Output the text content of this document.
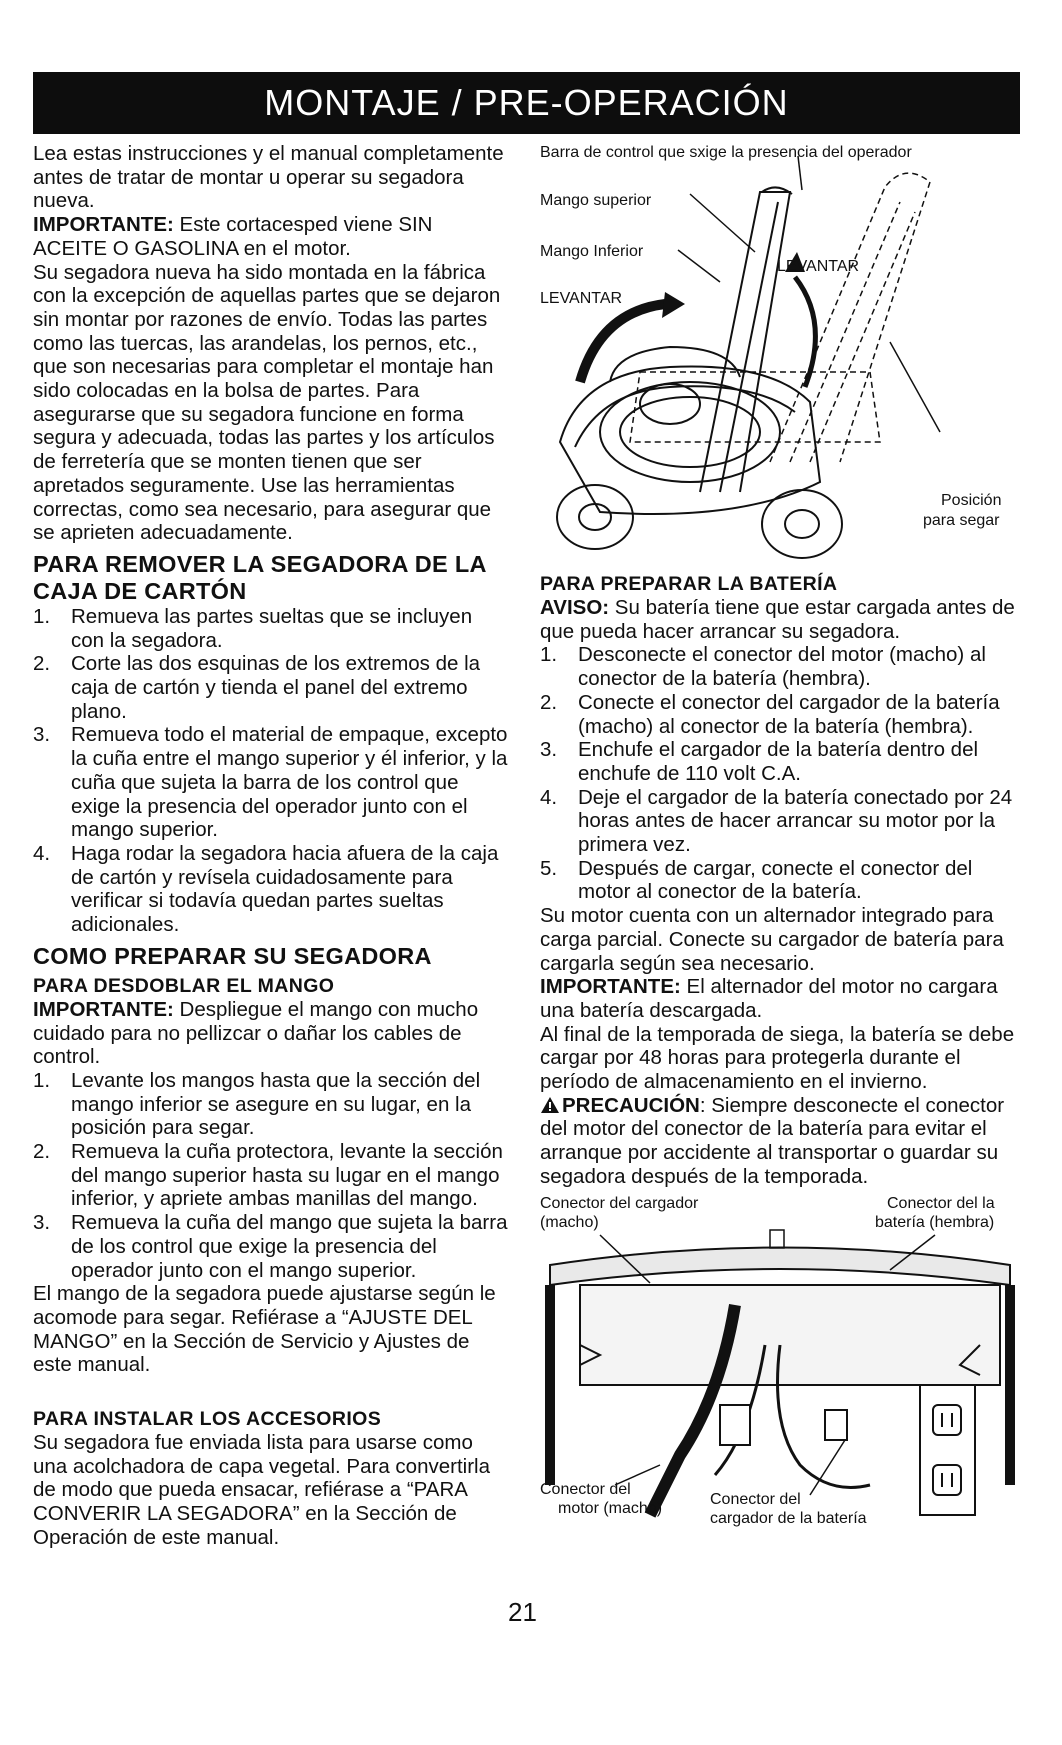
MONTAJE / PRE-OPERACIÓN

Lea estas instrucciones y el manual completamente antes de tratar de montar u operar su segadora nueva.

IMPORTANTE: Este cortacesped viene SIN ACEITE O GASOLINA en el motor.

Su segadora nueva ha sido montada en la fábrica con la excepción de aquellas partes que se dejaron sin montar por razones de envío. Todas las partes como las tuercas, las arandelas, los pernos, etc., que son necesarias para completar el montaje han sido colocadas en la bolsa de partes. Para asegurarse que su segadora funcione en forma segura y adecuada, todas las partes y los artículos de ferretería que se monten tienen que ser apretados seguramente. Use las herramientas correctas, como sea necesario, para asegurar que se aprieten adecuadamente.

PARA REMOVER LA SEGADORA DE LA CAJA DE CARTÓN
1.	Remueva las partes sueltas que se incluyen con la segadora.
2.	Corte las dos esquinas de los extremos de la caja de cartón y tienda el panel del extremo plano.
3.	Remueva todo el material de empaque, excepto la cuña entre el mango superior y él inferior, y la cuña que sujeta la barra de los control que exige la presencia del operador junto con el mango superior.
4.	Haga rodar la segadora hacia afuera de la caja de cartón y revísela cuidadosamente para verificar si todavía quedan partes sueltas adicionales.
COMO PREPARAR SU SEGADORA
PARA DESDOBLAR EL MANGO

IMPORTANTE: Despliegue el mango con mucho cuidado para no pellizcar o dañar los cables de control.

1.	Levante los mangos hasta que la sección del mango inferior se asegure en su lugar, en la posición para segar.
2.	Remueva la cuña protectora, levante la sección del mango superior hasta su lugar en el mango inferior, y apriete ambas manillas del mango.
3.	Remueva la cuña del mango que sujeta la barra de los control que exige la presencia del operador junto con el mango superior.

El mango de la segadora puede ajustarse según le acomode para segar. Refiérase a “AJUSTE DEL MANGO” en la Sección de Servicio y Ajustes de este manual.

PARA INSTALAR LOS ACCESORIOS

Su segadora fue enviada lista para usarse como una acolchadora de capa vegetal. Para convertirla de modo que pueda ensacar, refiérase a “PARA CONVERIR LA SEGADORA” en la Sección de Operación de este manual.

Barra de control que sxige la presencia del operador
Mango superior
Mango Inferior
LEVANTAR
LEVANTAR
Posición
para segar
PARA PREPARAR LA BATERÍA

AVISO: Su batería tiene que estar cargada antes de que pueda hacer arrancar su segadora.

1.	Desconecte el conector del motor (macho) al conector de la batería (hembra).
2.	Conecte el conector del cargador de la batería (macho) al conector de la batería (hembra).
3.	Enchufe el cargador de la batería dentro del enchufe de 110 volt C.A.
4.	Deje el cargador de la batería conectado por 24 horas antes de hacer arrancar su motor por la primera vez.
5.	Después de cargar, conecte el conector del motor al conector de la batería.

Su motor cuenta con un alternador integrado para carga parcial. Conecte su cargador de batería para cargarla según sea necesario.

IMPORTANTE: El alternador del motor no cargara una batería descargada.

Al final de la temporada de siega, la batería se debe cargar por 48 horas para protegerla durante el período de almacenamiento en el invierno.

PRECAUCIÓN: Siempre desconecte el conector del motor del conector de la batería para evitar el arranque por accidente al transportar o guardar su segadora después de la temporada.

Conector del cargador
(macho)
Conector del la
batería (hembra)
Conector del
motor (macho)
Conector del
cargador de la batería
21
